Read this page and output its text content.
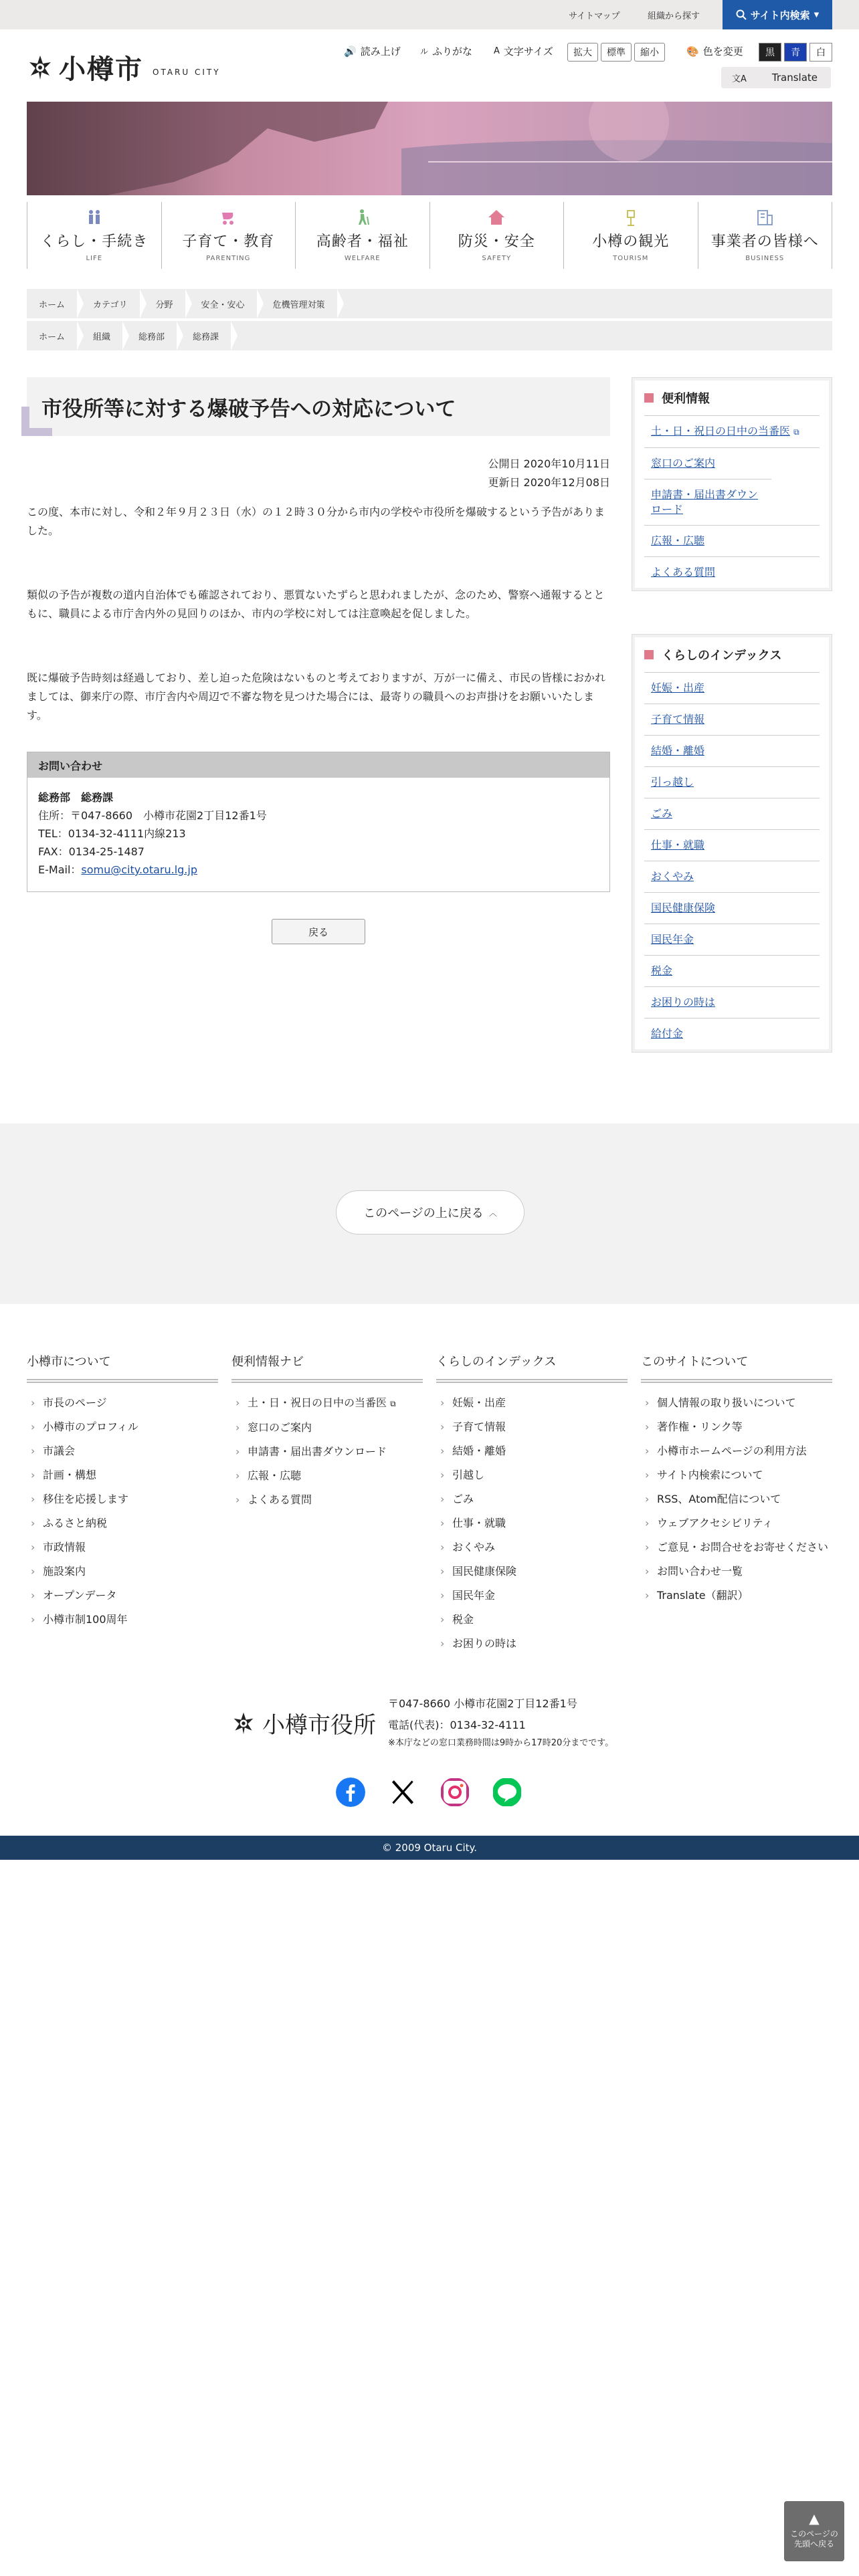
サイトマップ	組織から探す	サイト内検索 ▼
小樽市 OTARU CITY
🔊 読み上げ ル ふりがな A 文字サイズ	拡大	標準	縮小	🎨 色を変更	黒	青	白
文A	Translate
くらし・手続き
LIFE
子育て・教育
PARENTING
高齢者・福祉
WELFARE
防災・安全
SAFETY
小樽の観光
TOURISM
事業者の皆様へ
BUSINESS
ホーム	カテゴリ	分野	安全・安心	危機管理対策
ホーム	組織	総務部	総務課
市役所等に対する爆破予告への対応について
公開日 2020年10月11日
更新日 2020年12月08日

この度、本市に対し、令和２年９月２３日（水）の１２時３０分から市内の学校や市役所を爆破するという予告がありました。

類似の予告が複数の道内自治体でも確認されており、悪質ないたずらと思われましたが、念のため、警察へ通報するとともに、職員による市庁舎内外の見回りのほか、市内の学校に対しては注意喚起を促しました。

既に爆破予告時刻は経過しており、差し迫った危険はないものと考えておりますが、万が一に備え、市民の皆様におかれましては、御来庁の際、市庁舎内や周辺で不審な物を見つけた場合には、最寄りの職員へのお声掛けをお願いいたします。

お問い合わせ
総務部　総務課
住所：〒047-8660　小樽市花園2丁目12番1号
TEL：0134-32-4111内線213
FAX：0134-25-1487
E-Mail：somu@city.otaru.lg.jp
戻る
便利情報
土・日・祝日の日中の当番医 ⧉
窓口のご案内
申請書・届出書ダウンロード
広報・広聴
よくある質問
くらしのインデックス
妊娠・出産
子育て情報
結婚・離婚
引っ越し
ごみ
仕事・就職
おくやみ
国民健康保険
国民年金
税金
お困りの時は
給付金
このページの上に戻る ︿
小樽市について
› 市長のページ
› 小樽市のプロフィル
› 市議会
› 計画・構想
› 移住を応援します
› ふるさと納税
› 市政情報
› 施設案内
› オープンデータ
› 小樽市制100周年
便利情報ナビ
› 土・日・祝日の日中の当番医 ⧉
› 窓口のご案内
› 申請書・届出書ダウンロード
› 広報・広聴
› よくある質問
くらしのインデックス
› 妊娠・出産
› 子育て情報
› 結婚・離婚
› 引越し
› ごみ
› 仕事・就職
› おくやみ
› 国民健康保険
› 国民年金
› 税金
› お困りの時は
このサイトについて
› 個人情報の取り扱いについて
› 著作権・リンク等
› 小樽市ホームページの利用方法
› サイト内検索について
› RSS、Atom配信について
› ウェブアクセシビリティ
› ご意見・お問合せをお寄せください
› お問い合わせ一覧
› Translate（翻訳）
小樽市役所
〒047-8660 小樽市花園2丁目12番1号
電話(代表)：0134-32-4111
※本庁などの窓口業務時間は9時から17時20分までです。
© 2009 Otaru City.
▲
このページの先頭へ戻る
